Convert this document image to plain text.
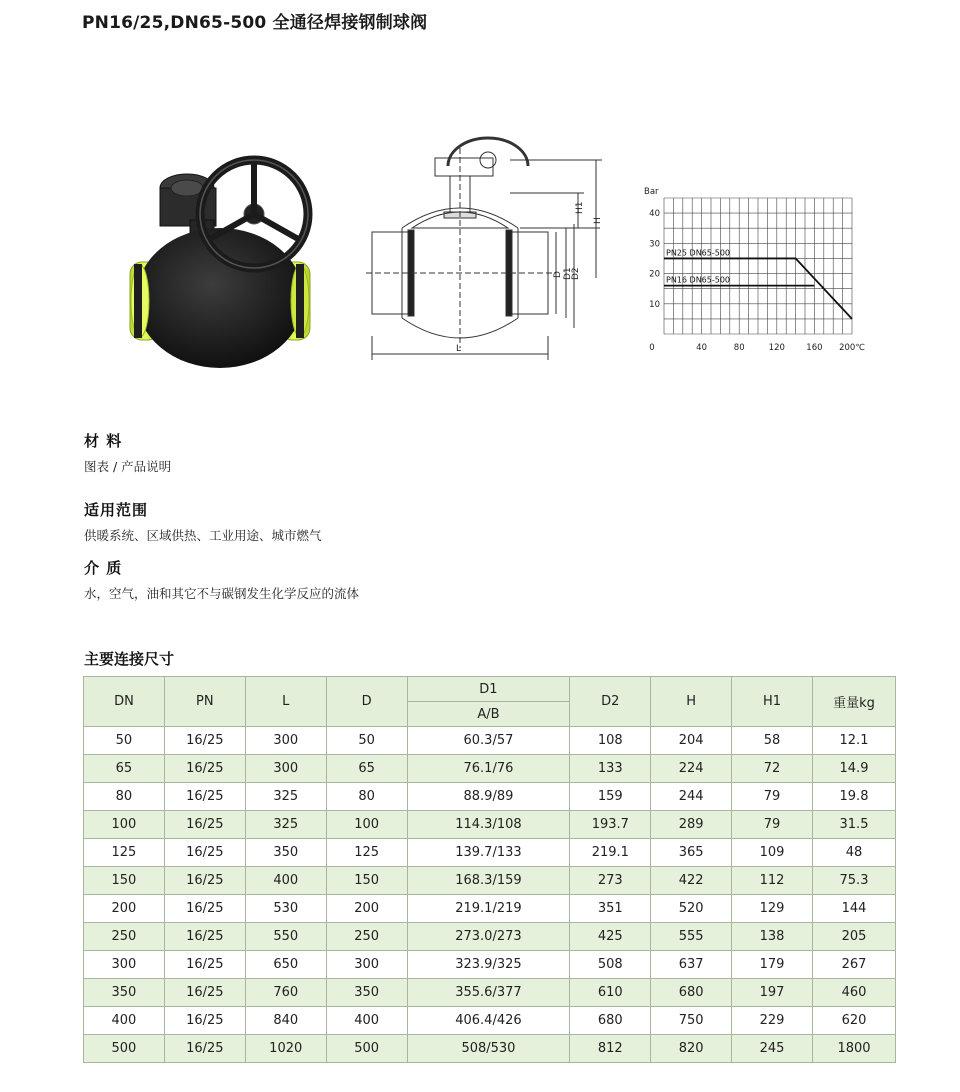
PN16/25,DN65-500 全通径焊接钢制球阀
L
H1
H
D D1
D2
Bar
10
20
30
40
0	40	80	120	160 200℃
PN25 DN65-500
PN16 DN65-500
材 料

图表 / 产品说明

适用范围

供暖系统、区域供热、工业用途、城市燃气

介 质

水，空气，油和其它不与碳钢发生化学反应的流体

主要连接尺寸
DN	PN	L	D	D1	D2	H	H1	重量kg
				A/B				
50	16/25	300	50	60.3/57	108	204	58	12.1
65	16/25	300	65	76.1/76	133	224	72	14.9
80	16/25	325	80	88.9/89	159	244	79	19.8
100	16/25	325	100	114.3/108	193.7	289	79	31.5
125	16/25	350	125	139.7/133	219.1	365	109	48
150	16/25	400	150	168.3/159	273	422	112	75.3
200	16/25	530	200	219.1/219	351	520	129	144
250	16/25	550	250	273.0/273	425	555	138	205
300	16/25	650	300	323.9/325	508	637	179	267
350	16/25	760	350	355.6/377	610	680	197	460
400	16/25	840	400	406.4/426	680	750	229	620
500	16/25	1020	500	508/530	812	820	245	1800
